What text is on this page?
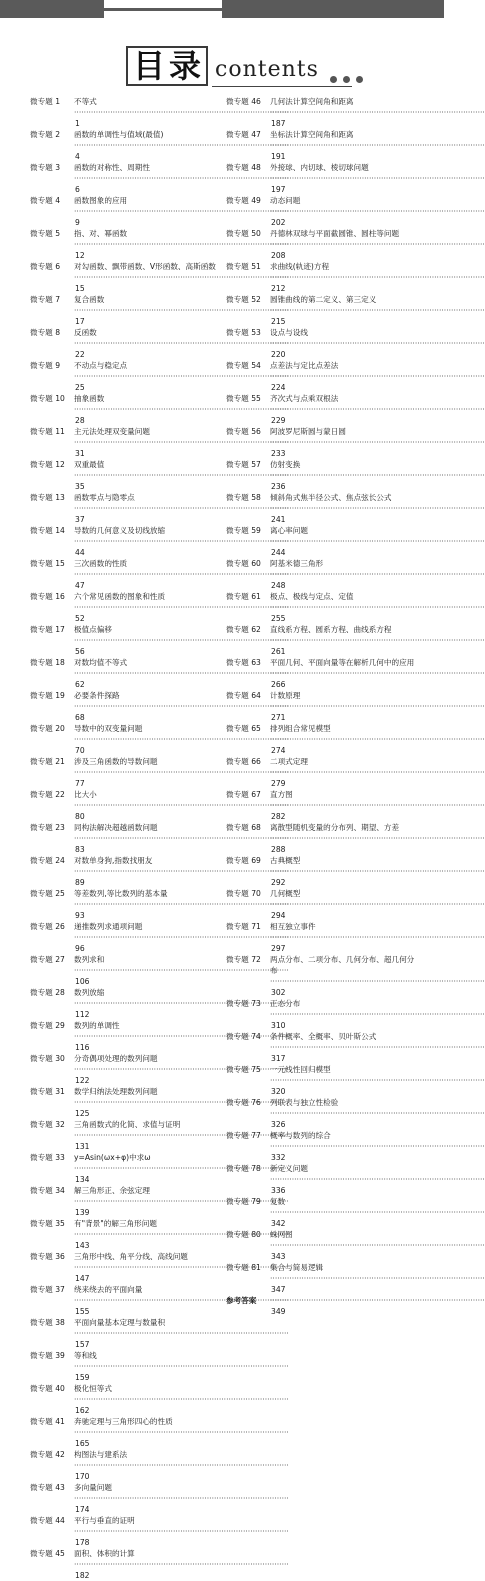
目录 contents
微专题 1	不等式
·····
1
微专题 2	函数的单调性与值域(最值)
·····
4
微专题 3	函数的对称性、周期性
·····
6
微专题 4	函数图象的应用
·····
9
微专题 5	指、对、幂函数
·····
12
微专题 6	对勾函数、飘带函数、V形函数、高斯函数
·····
15
微专题 7	复合函数
·····
17
微专题 8	反函数
·····
22
微专题 9	不动点与稳定点
·····
25
微专题 10	抽象函数
·····
28
微专题 11	主元法处理双变量问题
·····
31
微专题 12	双重最值
·····
35
微专题 13	函数零点与隐零点
·····
37
微专题 14	导数的几何意义及切线放缩
·····
44
微专题 15	三次函数的性质
·····
47
微专题 16	六个常见函数的图象和性质
·····
52
微专题 17	极值点偏移
·····
56
微专题 18	对数均值不等式
·····
62
微专题 19	必要条件探路
·····
68
微专题 20	导数中的双变量问题
·····
70
微专题 21	涉及三角函数的导数问题
·····
77
微专题 22	比大小
·····
80
微专题 23	同构法解决超越函数问题
·····
83
微专题 24	对数单身狗,指数找朋友
·····
89
微专题 25	等差数列,等比数列的基本量
·····
93
微专题 26	递推数列求通项问题
·····
96
微专题 27	数列求和
·····
106
微专题 28	数列放缩
·····
112
微专题 29	数列的单调性
·····
116
微专题 30	分奇偶项处理的数列问题
·····
122
微专题 31	数学归纳法处理数列问题
·····
125
微专题 32	三角函数式的化简、求值与证明
·····
131
微专题 33	y=Asin(ωx+φ)中求ω
·····
134
微专题 34	解三角形正、余弦定理
·····
139
微专题 35	有"背景"的解三角形问题
·····
143
微专题 36	三角形中线、角平分线、高线问题
·····
147
微专题 37	绕来绕去的平面向量
·····
155
微专题 38	平面向量基本定理与数量积
·····
157
微专题 39	等和线
·····
159
微专题 40	极化恒等式
·····
162
微专题 41	奔驰定理与三角形四心的性质
·····
165
微专题 42	构图法与建系法
·····
170
微专题 43	多向量问题
·····
174
微专题 44	平行与垂直的证明
·····
178
微专题 45	面积、体积的计算
·····
182
微专题 46	几何法计算空间角和距离
·····
187
微专题 47	坐标法计算空间角和距离
·····
191
微专题 48	外接球、内切球、棱切球问题
·····
197
微专题 49	动态问题
·····
202
微专题 50	丹德林双球与平面截圆锥、圆柱等问题
·····
208
微专题 51	求曲线(轨迹)方程
·····
212
微专题 52	圆锥曲线的第二定义、第三定义
·····
215
微专题 53	设点与设线
·····
220
微专题 54	点差法与定比点差法
·····
224
微专题 55	齐次式与点乘双根法
·····
229
微专题 56	阿波罗尼斯圆与蒙日圆
·····
233
微专题 57	仿射变换
·····
236
微专题 58	倾斜角式焦半径公式、焦点弦长公式
·····
241
微专题 59	离心率问题
·····
244
微专题 60	阿基米德三角形
·····
248
微专题 61	极点、极线与定点、定值
·····
255
微专题 62	直线系方程、圆系方程、曲线系方程
·····
261
微专题 63	平面几何、平面向量等在解析几何中的应用
·····
266
微专题 64	计数原理
·····
271
微专题 65	排列组合常见模型
·····
274
微专题 66	二项式定理
·····
279
微专题 67	直方图
·····
282
微专题 68	离散型随机变量的分布列、期望、方差
·····
288
微专题 69	古典概型
·····
292
微专题 70	几何概型
·····
294
微专题 71	相互独立事件
·····
297
微专题 72	两点分布、二项分布、几何分布、超几何分布
·····
302
微专题 73	正态分布
·····
310
微专题 74	条件概率、全概率、贝叶斯公式
·····
317
微专题 75	一元线性回归模型
·····
320
微专题 76	列联表与独立性检验
·····
326
微专题 77	概率与数列的综合
·····
332
微专题 78	新定义问题
·····
336
微专题 79	复数
·····
342
微专题 80	蛛网图
·····
343
微专题 81	集合与简易逻辑
·····
347
参考答案
·····
349
